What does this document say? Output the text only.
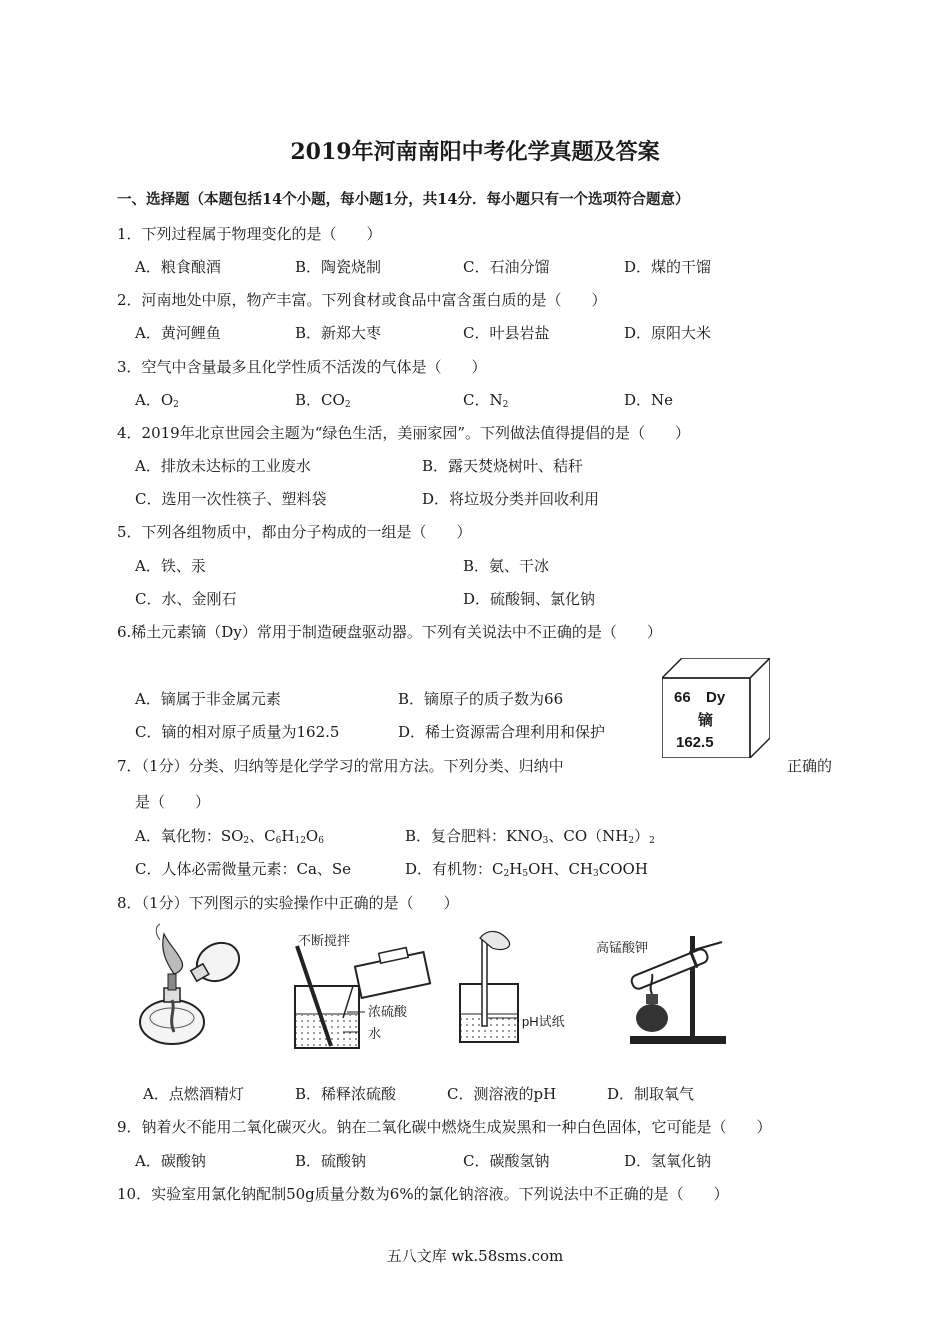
2019年河南南阳中考化学真题及答案
一、选择题（本题包括14个小题，每小题1分，共14分．每小题只有一个选项符合题意）
1．下列过程属于物理变化的是（　　）
A．粮食酿酒	B．陶瓷烧制	C．石油分馏	D．煤的干馏
2．河南地处中原，物产丰富。下列食材或食品中富含蛋白质的是（　　）
A．黄河鲤鱼	B．新郑大枣	C．叶县岩盐	D．原阳大米
3．空气中含量最多且化学性质不活泼的气体是（　　）
A．$O_2$	B．$CO_2$	C．$N_2$	D．Ne
4．2019年北京世园会主题为“绿色生活，美丽家园”。下列做法值得提倡的是（　　）
A．排放未达标的工业废水	B．露天焚烧树叶、秸秆
C．选用一次性筷子、塑料袋	D．将垃圾分类并回收利用
5．下列各组物质中，都由分子构成的一组是（　　）
A．铁、汞	B．氨、干冰
C．水、金刚石	D．硫酸铜、氯化钠
6.稀土元素镝（Dy）常用于制造硬盘驱动器。下列有关说法中不正确的是（　　）
A．镝属于非金属元素	B．镝原子的质子数为66
C．镝的相对原子质量为162.5	D．稀士资源需合理利用和保护
66 Dy
镝
162.5
7．（1分）分类、归纳等是化学学习的常用方法。下列分类、归纳中	正确的
是（　　）
A．氧化物：$SO_2$、$C_6H_{12}O_6$	B．复合肥料：$KNO_3$、$CO(NH_2)_2$
C．人体必需微量元素：Ca、Se	D．有机物：$C_2H_5OH$、$CH_3COOH$
8．（1分）下列图示的实验操作中正确的是（　　）
不断搅拌
浓硫酸
水
pH试纸
高锰酸钾
A．点燃酒精灯	B．稀释浓硫酸	C．测溶液的pH	D．制取氧气
9．钠着火不能用二氧化碳灭火。钠在二氧化碳中燃烧生成炭黑和一种白色固体，它可能是（　　）
A．碳酸钠	B．硫酸钠	C．碳酸氢钠	D．氢氧化钠
10．实验室用氯化钠配制50g质量分数为6%的氯化钠溶液。下列说法中不正确的是（　　）
五八文库 wk.58sms.com
